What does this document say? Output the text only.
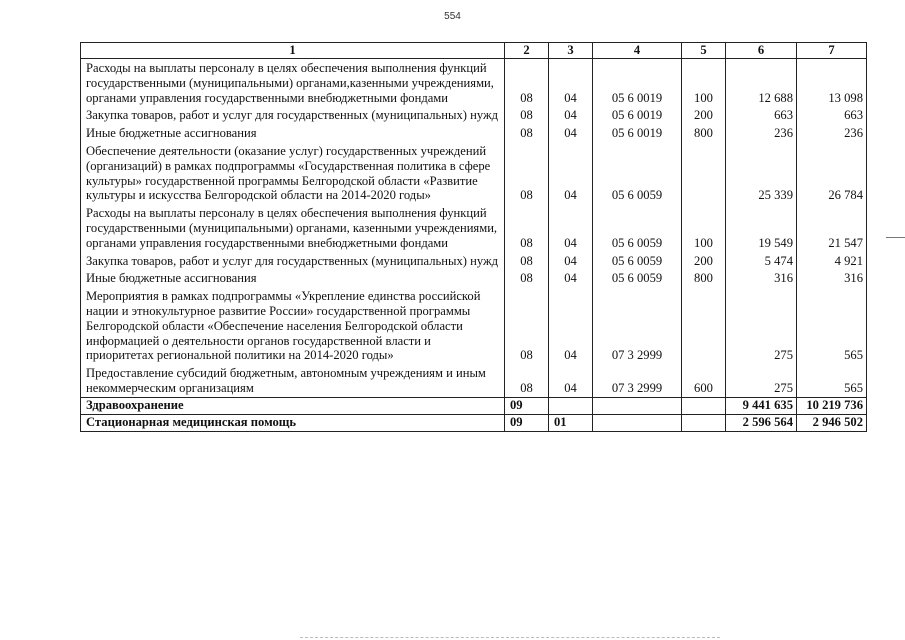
554
1	2	3	4	5	6	7
Расходы на выплаты персоналу в целях обеспечения выполнения функций государственными (муниципальными) органами,казенными учреждениями, органами управления государственными внебюджетными фондами	08	04	05 6 0019	100	12 688	13 098
Закупка товаров, работ и услуг для государственных (муниципальных) нужд	08	04	05 6 0019	200	663	663
Иные бюджетные ассигнования	08	04	05 6 0019	800	236	236
Обеспечение деятельности (оказание услуг) государственных учреждений (организаций) в рамках подпрограммы «Государственная политика в сфере культуры» государственной программы Белгородской области «Развитие культуры и искусства Белгородской области на 2014-2020 годы»	08	04	05 6 0059		25 339	26 784
Расходы на выплаты персоналу в целях обеспечения выполнения функций государственными (муниципальными) органами, казенными учреждениями, органами управления государственными внебюджетными фондами	08	04	05 6 0059	100	19 549	21 547
Закупка товаров, работ и услуг для государственных (муниципальных) нужд	08	04	05 6 0059	200	5 474	4 921
Иные бюджетные ассигнования	08	04	05 6 0059	800	316	316
Мероприятия в рамках подпрограммы «Укрепление единства российской нации и этнокультурное развитие России» государственной программы Белгородской области «Обеспечение населения Белгородской области информацией о деятельности органов государственной власти и приоритетах региональной политики на 2014-2020 годы»	08	04	07 3 2999		275	565
Предоставление субсидий бюджетным, автономным учреждениям и иным некоммерческим организациям	08	04	07 3 2999	600	275	565
Здравоохранение	09				9 441 635	10 219 736
Стационарная медицинская помощь	09	01			2 596 564	2 946 502
